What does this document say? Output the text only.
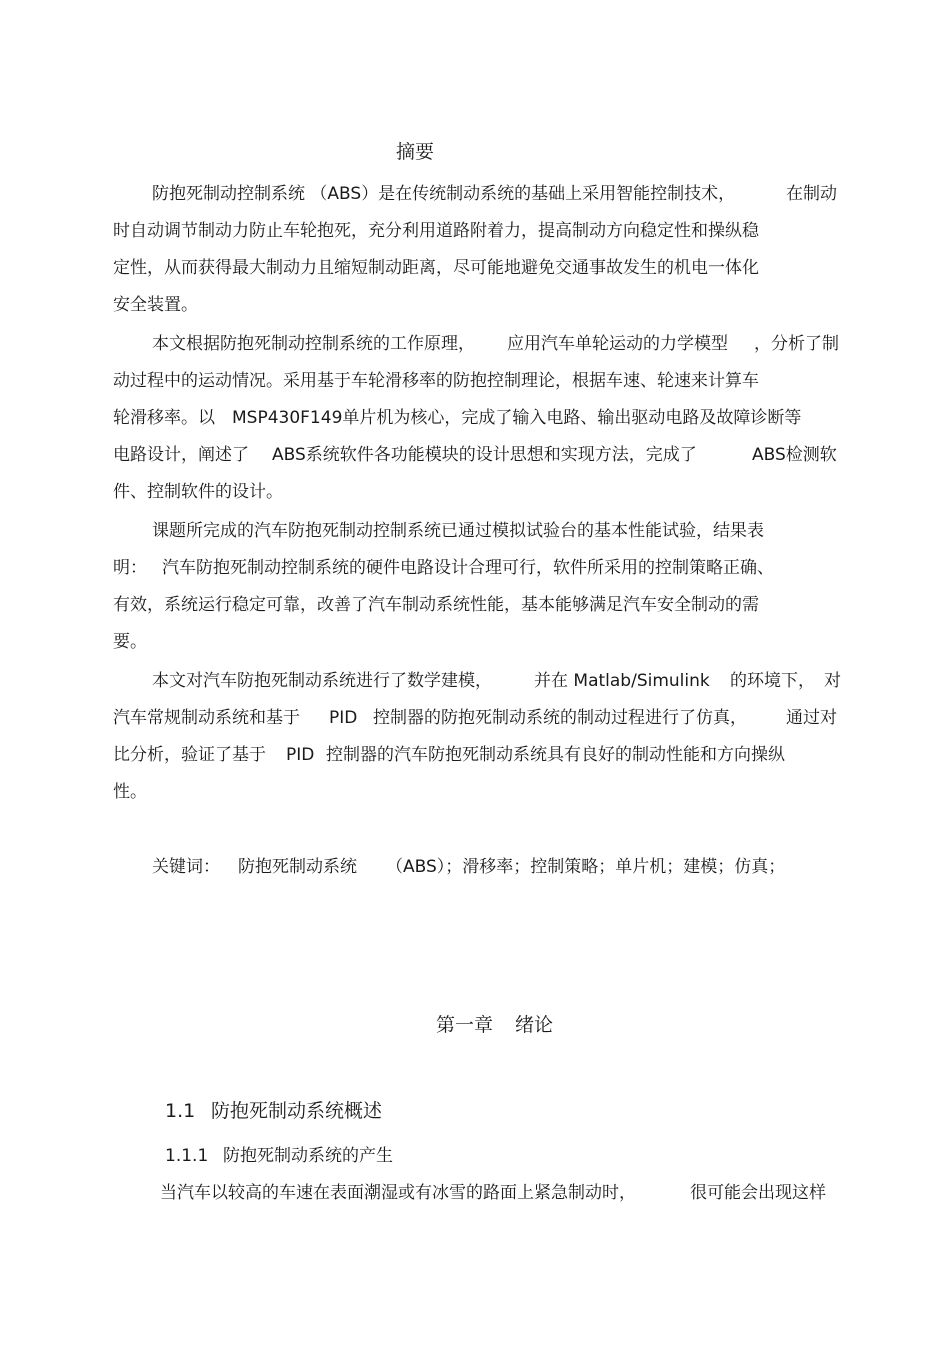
摘要
防抱死制动控制系统 （ABS）是在传统制动系统的基础上采用智能控制技术，	在制动
时自动调节制动力防止车轮抱死，充分利用道路附着力，提高制动方向稳定性和操纵稳
定性，从而获得最大制动力且缩短制动距离，尽可能地避免交通事故发生的机电一体化
安全装置。
本文根据防抱死制动控制系统的工作原理， 应用汽车单轮运动的力学模型 ，分析了制
动过程中的运动情况。采用基于车轮滑移率的防抱控制理论，根据车速、轮速来计算车
轮滑移率。以 MSP430F149单片机为核心，完成了输入电路、输出驱动电路及故障诊断等
电路设计，阐述了 ABS系统软件各功能模块的设计思想和实现方法，完成了	ABS检测软
件、控制软件的设计。
课题所完成的汽车防抱死制动控制系统已通过模拟试验台的基本性能试验，结果表
明： 汽车防抱死制动控制系统的硬件电路设计合理可行，软件所采用的控制策略正确、
有效，系统运行稳定可靠，改善了汽车制动系统性能，基本能够满足汽车安全制动的需
要。
本文对汽车防抱死制动系统进行了数学建模， 并在 Matlab/Simulink 的环境下， 对
汽车常规制动系统和基于 PID 控制器的防抱死制动系统的制动过程进行了仿真， 通过对
比分析，验证了基于 PID 控制器的汽车防抱死制动系统具有良好的制动性能和方向操纵
性。
关键词： 防抱死制动系统 （ABS）；滑移率；控制策略；单片机；建模；仿真；
第一章 绪论
1.1 防抱死制动系统概述
1.1.1 防抱死制动系统的产生
当汽车以较高的车速在表面潮湿或有冰雪的路面上紧急制动时，	很可能会出现这样
